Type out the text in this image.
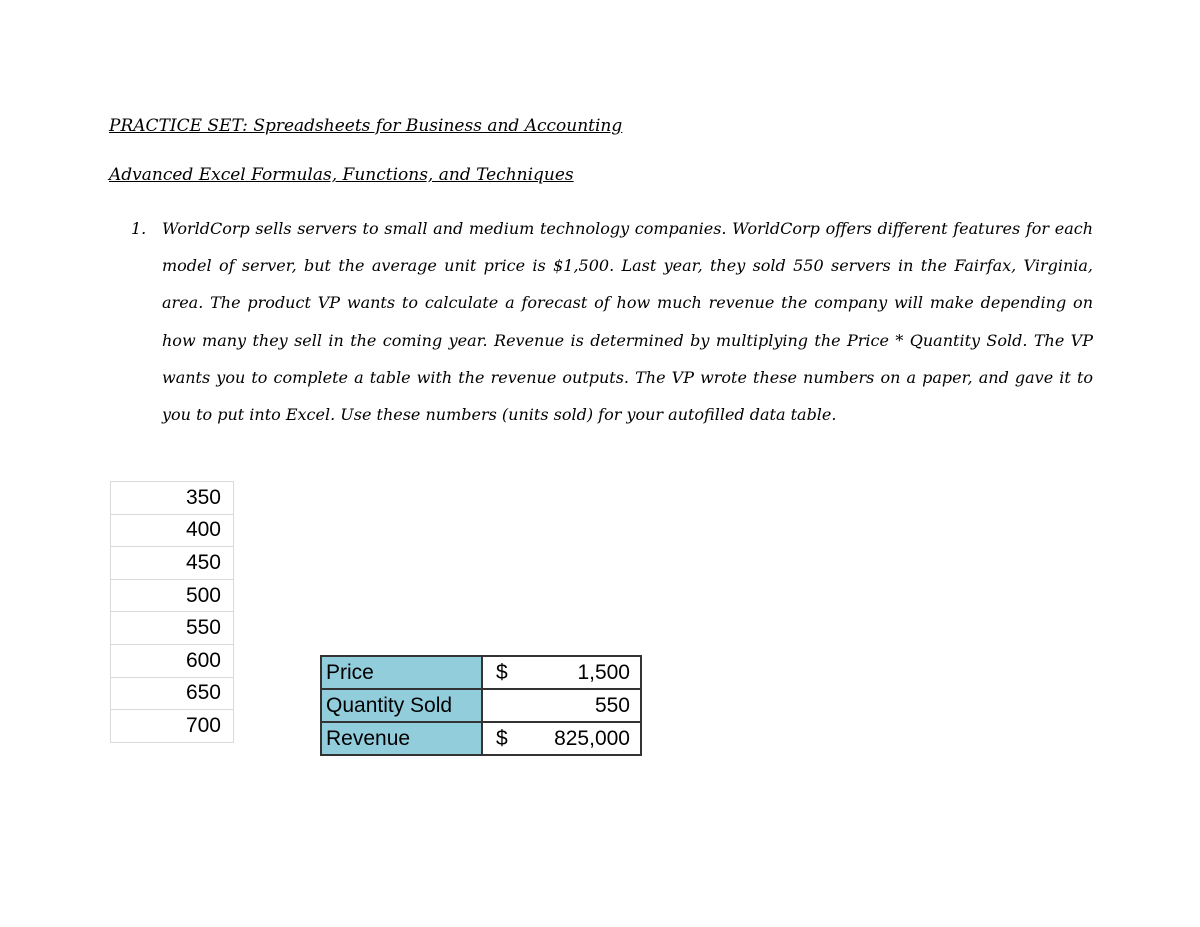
PRACTICE SET: Spreadsheets for Business and Accounting
Advanced Excel Formulas, Functions, and Techniques
1. WorldCorp sells servers to small and medium technology companies. WorldCorp offers different features for each model of server, but the average unit price is $1,500. Last year, they sold 550 servers in the Fairfax, Virginia, area. The product VP wants to calculate a forecast of how much revenue the company will make depending on how many they sell in the coming year. Revenue is determined by multiplying the Price * Quantity Sold. The VP wants you to complete a table with the revenue outputs. The VP wrote these numbers on a paper, and gave it to you to put into Excel. Use these numbers (units sold) for your autofilled data table.
350
400
450
500
550
600
650
700
Price	$ 1,500
Quantity Sold	550
Revenue	$ 825,000
